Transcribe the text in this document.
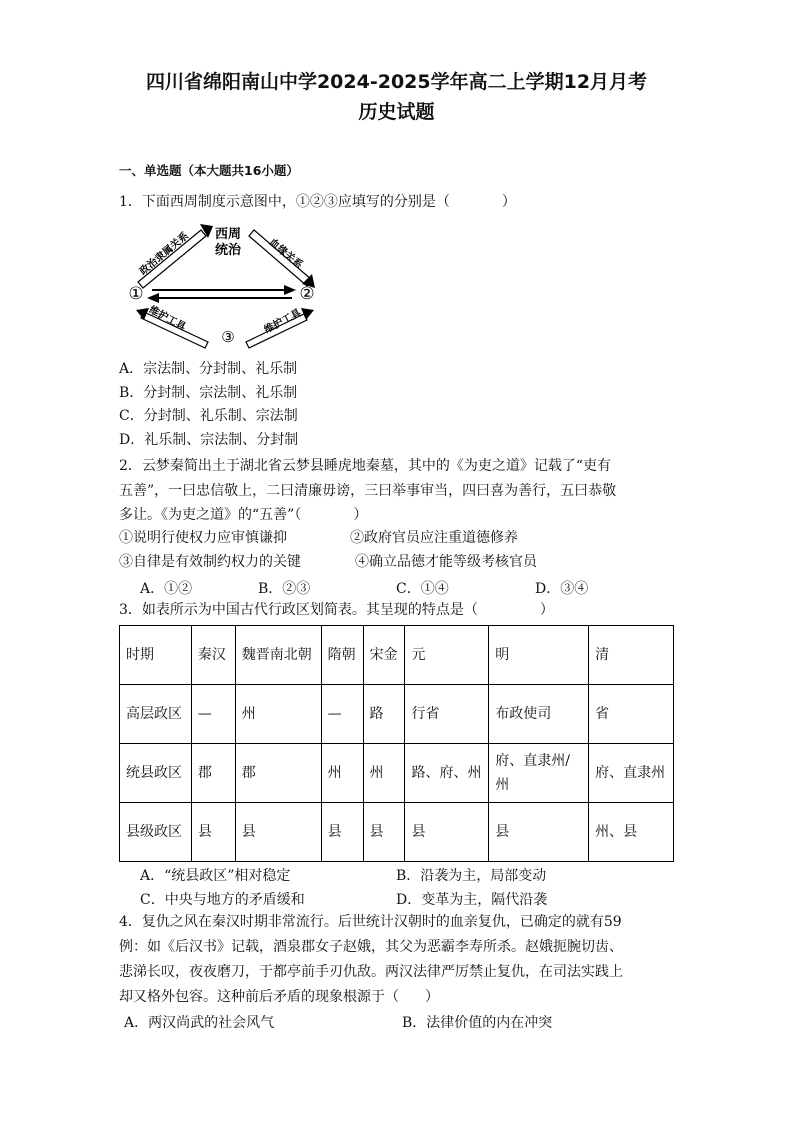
四川省绵阳南山中学2024-2025学年高二上学期12月月考
历史试题
一、单选题（本大题共16小题）
1．下面西周制度示意图中，①②③应填写的分别是（	）
西周
统治
政治隶属关系	血缘关系
①	②
维护工具
③
维护工具
A．宗法制、分封制、礼乐制
B．分封制、宗法制、礼乐制
C．分封制、礼乐制、宗法制
D．礼乐制、宗法制、分封制
2．云梦秦简出土于湖北省云梦县睡虎地秦墓，其中的《为吏之道》记载了“吏有
五善”，一曰忠信敬上，二曰清廉毋谤，三曰举事审当，四曰喜为善行，五曰恭敬
多让。《为吏之道》的“五善”（	）
①说明行使权力应审慎谦抑	②政府官员应注重道德修养
③自律是有效制约权力的关键	④确立品德才能等级考核官员
A．①②	B．②③	C．①④	D．③④
3．如表所示为中国古代行政区划简表。其呈现的特点是（	）
时期	秦汉	魏晋南北朝	隋朝	宋金	元	明	清
高层政区	—	州	—	路	行省	布政使司	省
统县政区	郡	郡	州	州	路、府、州	府、直隶州/州	府、直隶州
县级政区	县	县	县	县	县	县	州、县
A．“统县政区”相对稳定	B．沿袭为主，局部变动
C．中央与地方的矛盾缓和	D．变革为主，隔代沿袭
4．复仇之风在秦汉时期非常流行。后世统计汉朝时的血亲复仇，已确定的就有59
例：如《后汉书》记载，酒泉郡女子赵娥，其父为恶霸李寿所杀。赵娥扼腕切齿、
悲涕长叹，夜夜磨刀，于都亭前手刃仇敌。两汉法律严厉禁止复仇，在司法实践上
却又格外包容。这种前后矛盾的现象根源于（ ）
A．两汉尚武的社会风气	B．法律价值的内在冲突
